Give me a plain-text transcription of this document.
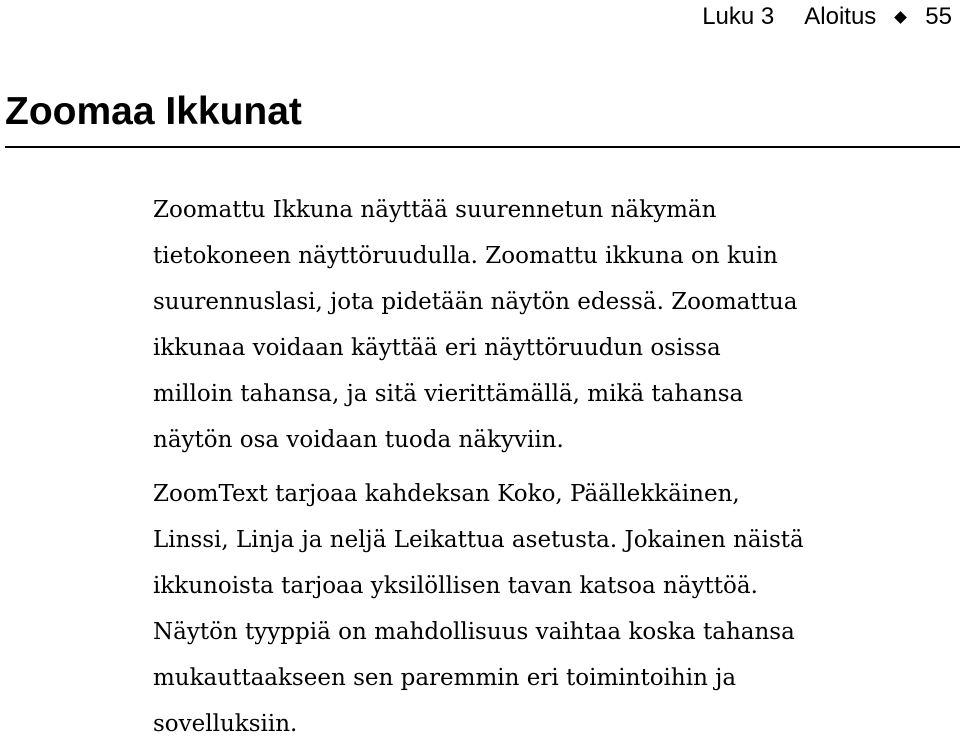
Luku 3 Aloitus 55
Zoomaa Ikkunat

Zoomattu Ikkuna näyttää suurennetun näkymän
tietokoneen näyttöruudulla. Zoomattu ikkuna on kuin
suurennuslasi, jota pidetään näytön edessä. Zoomattua
ikkunaa voidaan käyttää eri näyttöruudun osissa
milloin tahansa, ja sitä vierittämällä, mikä tahansa
näytön osa voidaan tuoda näkyviin.

ZoomText tarjoaa kahdeksan Koko, Päällekkäinen,
Linssi, Linja ja neljä Leikattua asetusta. Jokainen näistä
ikkunoista tarjoaa yksilöllisen tavan katsoa näyttöä.
Näytön tyyppiä on mahdollisuus vaihtaa koska tahansa
mukauttaakseen sen paremmin eri toimintoihin ja
sovelluksiin.
